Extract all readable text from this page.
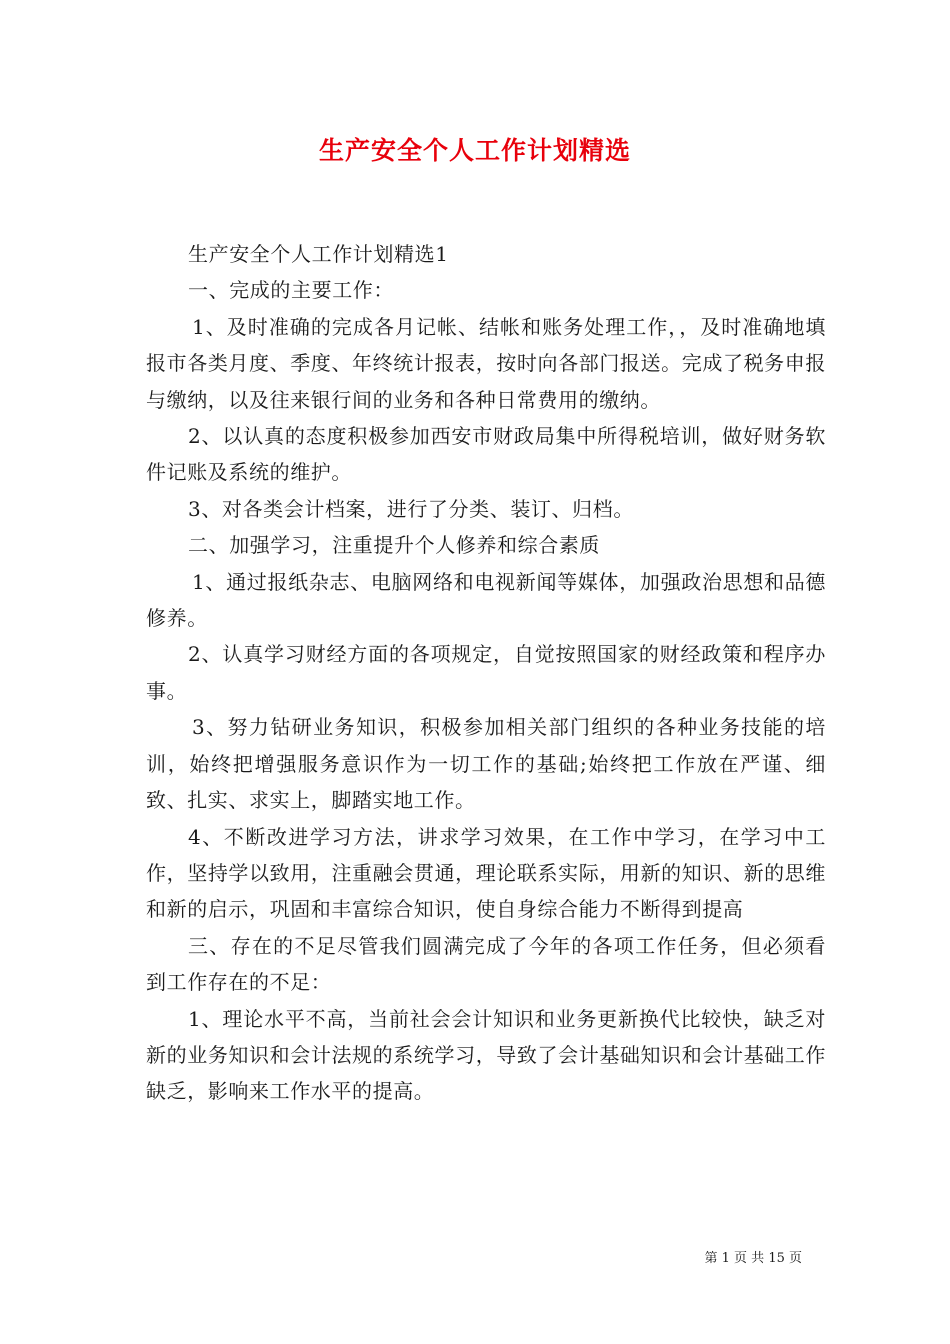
生产安全个人工作计划精选

生产安全个人工作计划精选1

一、完成的主要工作：

1、及时准确的完成各月记帐、结帐和账务处理工作，，及时准确地填报市各类月度、季度、年终统计报表，按时向各部门报送。完成了税务申报与缴纳，以及往来银行间的业务和各种日常费用的缴纳。

2、以认真的态度积极参加西安市财政局集中所得税培训，做好财务软件记账及系统的维护。

3、对各类会计档案，进行了分类、装订、归档。

二、加强学习，注重提升个人修养和综合素质

1、通过报纸杂志、电脑网络和电视新闻等媒体，加强政治思想和品德修养。

2、认真学习财经方面的各项规定，自觉按照国家的财经政策和程序办事。

3、努力钻研业务知识，积极参加相关部门组织的各种业务技能的培训，始终把增强服务意识作为一切工作的基础;始终把工作放在严谨、细致、扎实、求实上，脚踏实地工作。

4、不断改进学习方法，讲求学习效果，在工作中学习，在学习中工作，坚持学以致用，注重融会贯通，理论联系实际，用新的知识、新的思维和新的启示，巩固和丰富综合知识，使自身综合能力不断得到提高

三、存在的不足尽管我们圆满完成了今年的各项工作任务，但必须看到工作存在的不足：

1、理论水平不高，当前社会会计知识和业务更新换代比较快，缺乏对新的业务知识和会计法规的系统学习，导致了会计基础知识和会计基础工作缺乏，影响来工作水平的提高。

第 1 页 共 15 页
